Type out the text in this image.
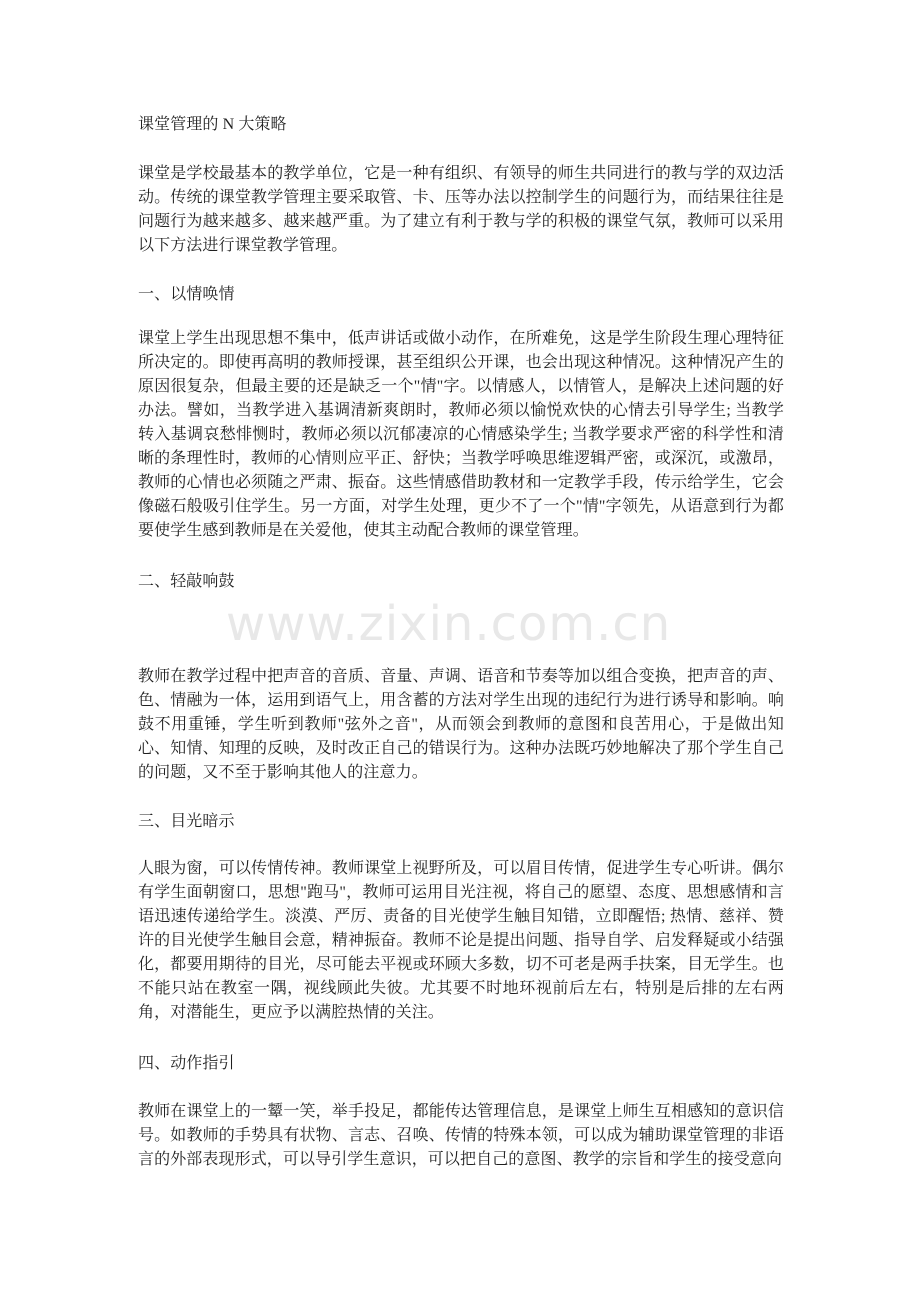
www.zixin.com.cn
课堂管理的 N 大策略

课堂是学校最基本的教学单位，它是一种有组织、有领导的师生共同进行的教与学的双边活动。传统的课堂教学管理主要采取管、卡、压等办法以控制学生的问题行为，而结果往往是问题行为越来越多、越来越严重。为了建立有利于教与学的积极的课堂气氛，教师可以采用以下方法进行课堂教学管理。

一、以情唤情

课堂上学生出现思想不集中，低声讲话或做小动作，在所难免，这是学生阶段生理心理特征所决定的。即使再高明的教师授课，甚至组织公开课，也会出现这种情况。这种情况产生的原因很复杂，但最主要的还是缺乏一个"情"字。以情感人，以情管人，是解决上述问题的好办法。譬如，当教学进入基调清新爽朗时，教师必须以愉悦欢快的心情去引导学生; 当教学转入基调哀愁悱恻时，教师必须以沉郁凄凉的心情感染学生; 当教学要求严密的科学性和清晰的条理性时，教师的心情则应平正、舒快；当教学呼唤思维逻辑严密，或深沉，或激昂，教师的心情也必须随之严肃、振奋。这些情感借助教材和一定教学手段，传示给学生，它会像磁石般吸引住学生。另一方面，对学生处理，更少不了一个"情"字领先，从语意到行为都要使学生感到教师是在关爱他，使其主动配合教师的课堂管理。

二、轻敲响鼓

教师在教学过程中把声音的音质、音量、声调、语音和节奏等加以组合变换，把声音的声、色、情融为一体，运用到语气上，用含蓄的方法对学生出现的违纪行为进行诱导和影响。响鼓不用重锤，学生听到教师"弦外之音"，从而领会到教师的意图和良苦用心，于是做出知心、知情、知理的反映，及时改正自己的错误行为。这种办法既巧妙地解决了那个学生自己的问题，又不至于影响其他人的注意力。

三、目光暗示

人眼为窗，可以传情传神。教师课堂上视野所及，可以眉目传情，促进学生专心听讲。偶尔有学生面朝窗口，思想"跑马"，教师可运用目光注视，将自己的愿望、态度、思想感情和言语迅速传递给学生。淡漠、严厉、责备的目光使学生触目知错，立即醒悟; 热情、慈祥、赞许的目光使学生触目会意，精神振奋。教师不论是提出问题、指导自学、启发释疑或小结强化，都要用期待的目光，尽可能去平视或环顾大多数，切不可老是两手扶案，目无学生。也不能只站在教室一隅，视线顾此失彼。尤其要不时地环视前后左右，特别是后排的左右两角，对潜能生，更应予以满腔热情的关注。

四、动作指引

教师在课堂上的一颦一笑，举手投足，都能传达管理信息，是课堂上师生互相感知的意识信号。如教师的手势具有状物、言志、召唤、传情的特殊本领，可以成为辅助课堂管理的非语言的外部表现形式，可以导引学生意识，可以把自己的意图、教学的宗旨和学生的接受意向
